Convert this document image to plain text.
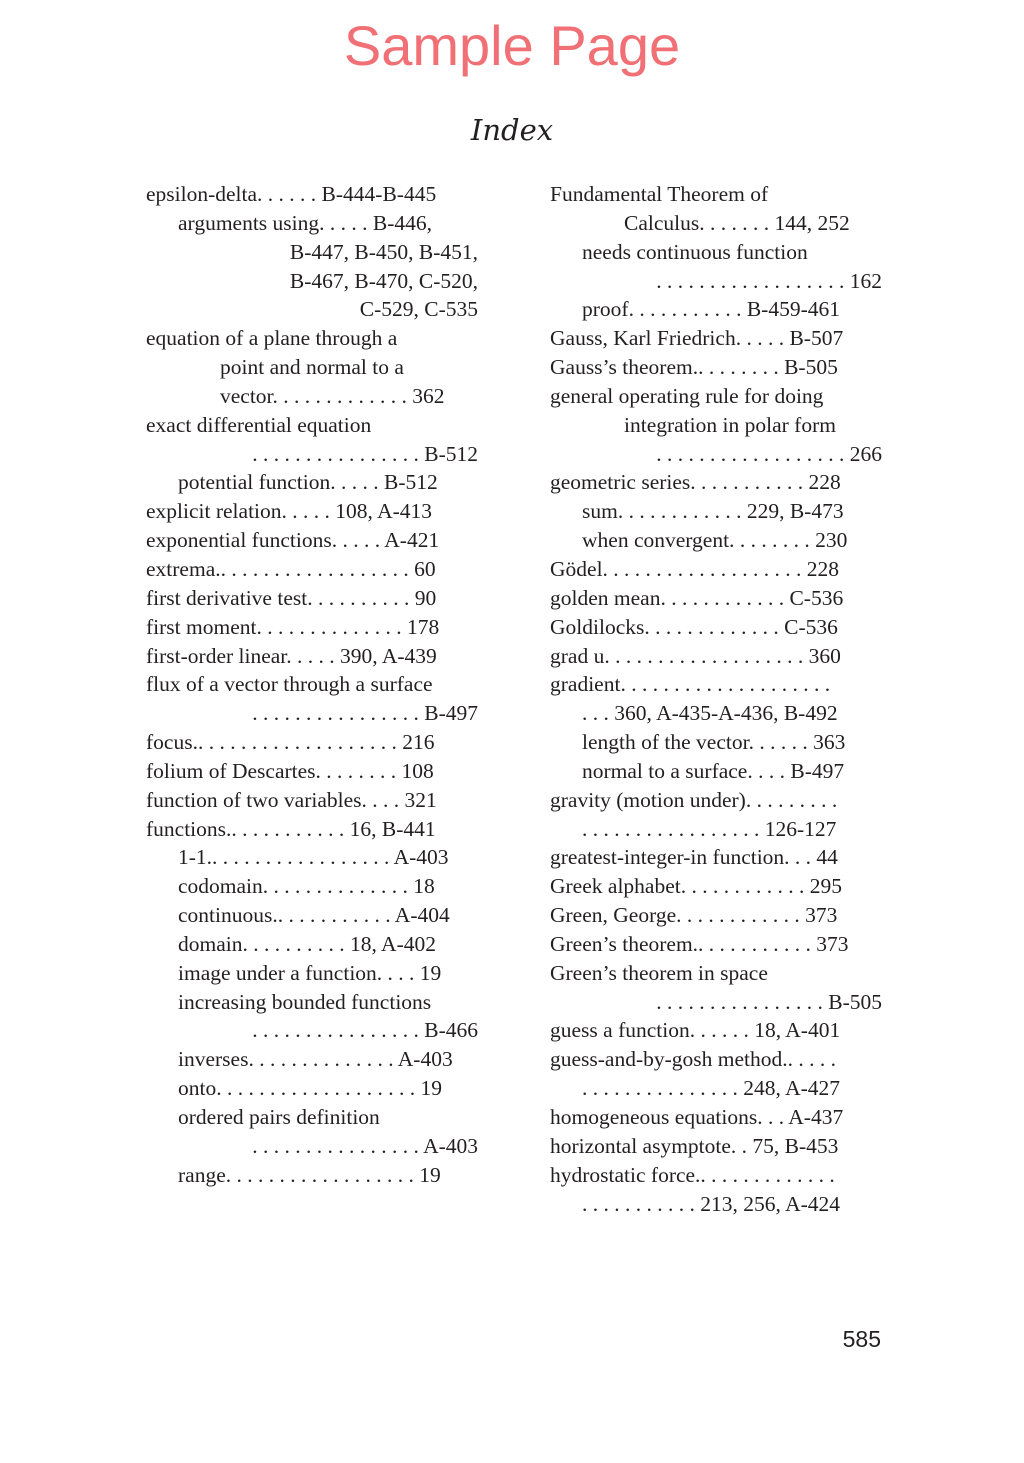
Sample Page
Index
epsilon-delta. . . . . . B-444-B-445
arguments using. . . . . B-446,
B-447, B-450, B-451,
B-467, B-470, C-520,
C-529, C-535
equation of a plane through a
point and normal to a
vector. . . . . . . . . . . . . 362
exact differential equation
. . . . . . . . . . . . . . . . B-512
potential function. . . . . B-512
explicit relation. . . . . 108, A-413
exponential functions. . . . . A-421
extrema.. . . . . . . . . . . . . . . . . . 60
first derivative test. . . . . . . . . . 90
first moment. . . . . . . . . . . . . . 178
first-order linear. . . . . 390, A-439
flux of a vector through a surface
. . . . . . . . . . . . . . . . B-497
focus.. . . . . . . . . . . . . . . . . . . 216
folium of Descartes. . . . . . . . 108
function of two variables. . . . 321
functions.. . . . . . . . . . . 16, B-441
1-1.. . . . . . . . . . . . . . . . . A-403
codomain. . . . . . . . . . . . . . 18
continuous.. . . . . . . . . . . A-404
domain. . . . . . . . . . 18, A-402
image under a function. . . . 19
increasing bounded functions
. . . . . . . . . . . . . . . . B-466
inverses. . . . . . . . . . . . . . A-403
onto. . . . . . . . . . . . . . . . . . . 19
ordered pairs definition
. . . . . . . . . . . . . . . . A-403
range. . . . . . . . . . . . . . . . . . 19
Fundamental Theorem of
Calculus. . . . . . . 144, 252
needs continuous function
. . . . . . . . . . . . . . . . . . 162
proof. . . . . . . . . . . B-459-461
Gauss, Karl Friedrich. . . . . B-507
Gauss’s theorem.. . . . . . . . B-505
general operating rule for doing
integration in polar form
. . . . . . . . . . . . . . . . . . 266
geometric series. . . . . . . . . . . 228
sum. . . . . . . . . . . . 229, B-473
when convergent. . . . . . . . 230
Gödel. . . . . . . . . . . . . . . . . . . 228
golden mean. . . . . . . . . . . . C-536
Goldilocks. . . . . . . . . . . . . C-536
grad u. . . . . . . . . . . . . . . . . . . 360
gradient. . . . . . . . . . . . . . . . . . . .
. . . 360, A-435-A-436, B-492
length of the vector. . . . . . 363
normal to a surface. . . . B-497
gravity (motion under). . . . . . . . .
. . . . . . . . . . . . . . . . . 126-127
greatest-integer-in function. . . 44
Greek alphabet. . . . . . . . . . . . 295
Green, George. . . . . . . . . . . . 373
Green’s theorem.. . . . . . . . . . . 373
Green’s theorem in space
. . . . . . . . . . . . . . . . B-505
guess a function. . . . . . 18, A-401
guess-and-by-gosh method.. . . . .
. . . . . . . . . . . . . . . 248, A-427
homogeneous equations. . . A-437
horizontal asymptote. . 75, B-453
hydrostatic force.. . . . . . . . . . . . .
. . . . . . . . . . . 213, 256, A-424
585
